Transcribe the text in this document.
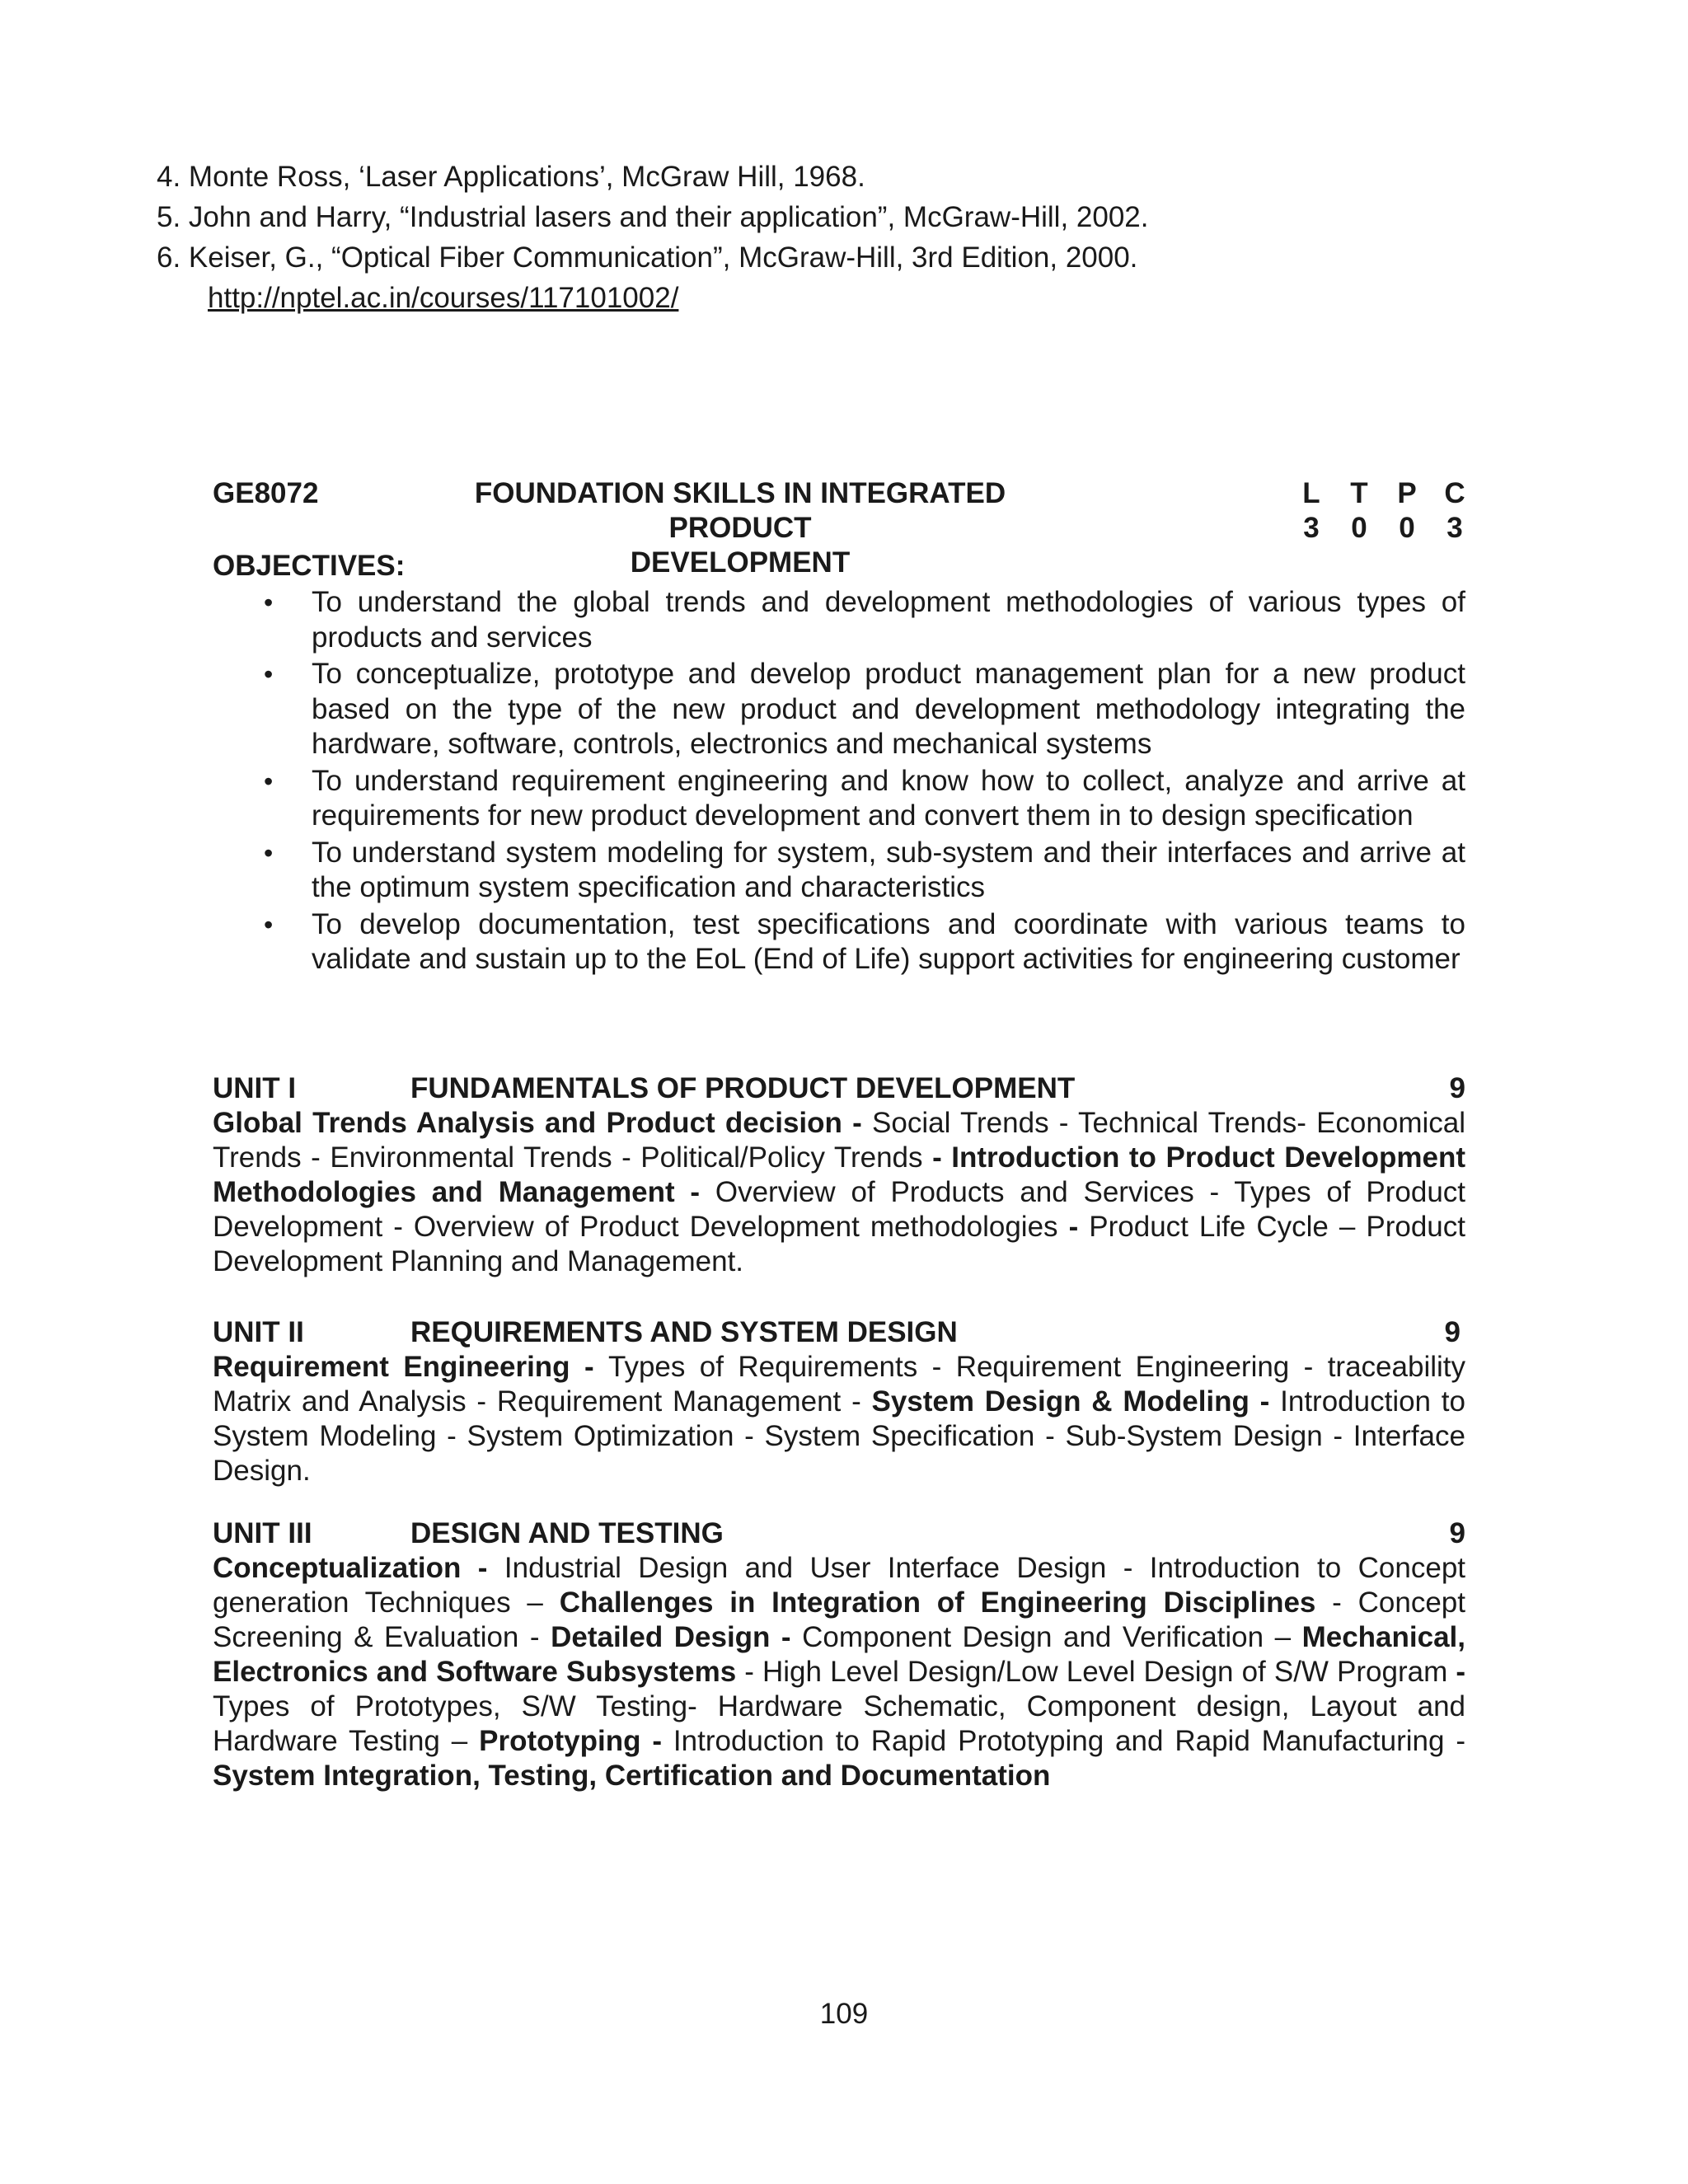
4. Monte Ross, ‘Laser Applications’, McGraw Hill, 1968.
5. John and Harry, “Industrial lasers and their application”, McGraw-Hill, 2002.
6. Keiser, G., “Optical Fiber Communication”, McGraw-Hill, 3rd Edition, 2000.
http://nptel.ac.in/courses/117101002/
GE8072	FOUNDATION SKILLS IN INTEGRATED PRODUCT
DEVELOPMENT
L	T	P C
3	0	0	3
OBJECTIVES:
• To understand the global trends and development methodologies of various types of products and services
• To conceptualize, prototype and develop product management plan for a new product based on the type of the new product and development methodology integrating the hardware, software, controls, electronics and mechanical systems
• To understand requirement engineering and know how to collect, analyze and arrive at requirements for new product development and convert them in to design specification
• To understand system modeling for system, sub-system and their interfaces and arrive at the optimum system specification and characteristics
• To develop documentation, test specifications and coordinate with various teams to validate and sustain up to the EoL (End of Life) support activities for engineering customer
UNIT I	FUNDAMENTALS OF PRODUCT DEVELOPMENT	9
Global Trends Analysis and Product decision - Social Trends - Technical Trends- Economical Trends - Environmental Trends - Political/Policy Trends - Introduction to Product Development Methodologies and Management - Overview of Products and Services - Types of Product Development - Overview of Product Development methodologies - Product Life Cycle – Product Development Planning and Management.
UNIT II	REQUIREMENTS AND SYSTEM DESIGN	9
Requirement Engineering - Types of Requirements - Requirement Engineering - traceability Matrix and Analysis - Requirement Management - System Design & Modeling - Introduction to System Modeling - System Optimization - System Specification - Sub-System Design - Interface Design.
UNIT III	DESIGN AND TESTING	9
Conceptualization - Industrial Design and User Interface Design - Introduction to Concept generation Techniques – Challenges in Integration of Engineering Disciplines - Concept Screening & Evaluation - Detailed Design - Component Design and Verification – Mechanical, Electronics and Software Subsystems - High Level Design/Low Level Design of S/W Program - Types of Prototypes, S/W Testing- Hardware Schematic, Component design, Layout and Hardware Testing – Prototyping - Introduction to Rapid Prototyping and Rapid Manufacturing - System Integration, Testing, Certification and Documentation
109
